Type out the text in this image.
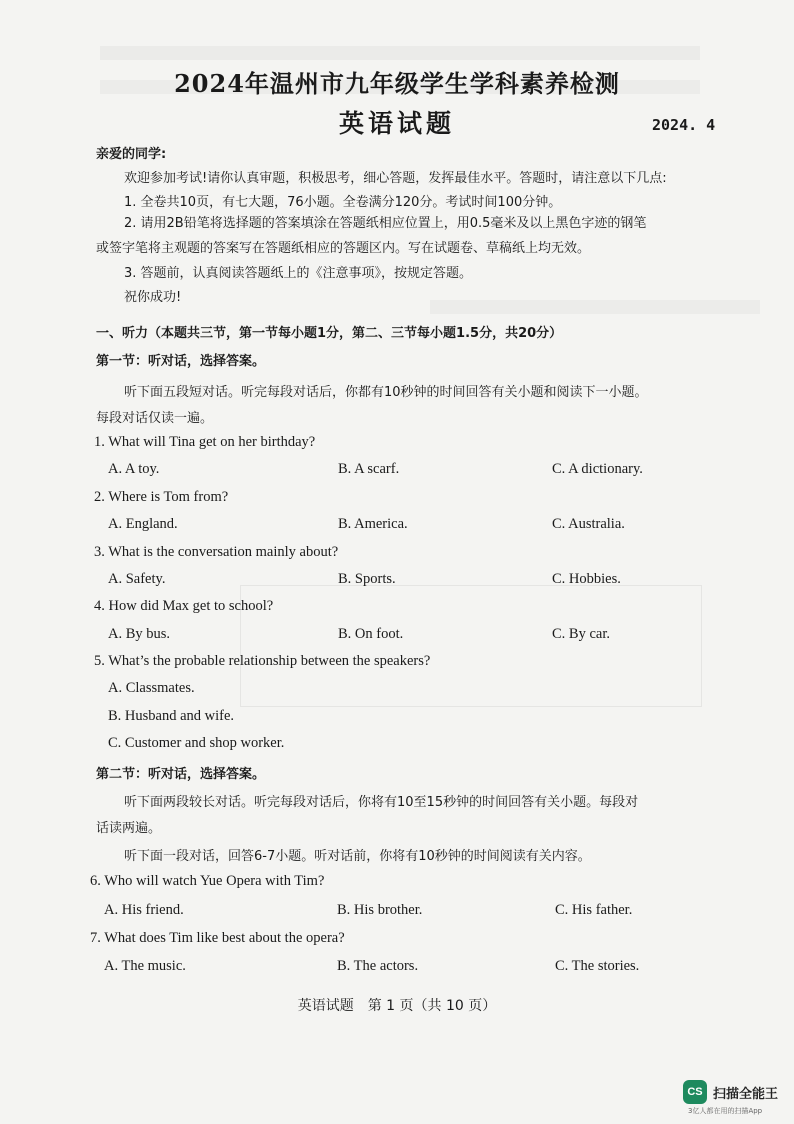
2024年温州市九年级学生学科素养检测
英语试题	2024. 4
亲爱的同学:
欢迎参加考试!请你认真审题，积极思考，细心答题，发挥最佳水平。答题时，请注意以下几点:
1. 全卷共10页，有七大题，76小题。全卷满分120分。考试时间100分钟。
2. 请用2B铅笔将选择题的答案填涂在答题纸相应位置上，用0.5毫米及以上黑色字迹的钢笔
或签字笔将主观题的答案写在答题纸相应的答题区内。写在试题卷、草稿纸上均无效。
3. 答题前，认真阅读答题纸上的《注意事项》，按规定答题。
祝你成功!
一、听力（本题共三节，第一节每小题1分，第二、三节每小题1.5分，共20分）
第一节：听对话，选择答案。
听下面五段短对话。听完每段对话后，你都有10秒钟的时间回答有关小题和阅读下一小题。
每段对话仅读一遍。
1. What will Tina get on her birthday?
A. A toy.	B. A scarf.	C. A dictionary.
2. Where is Tom from?
A. England.	B. America.	C. Australia.
3. What is the conversation mainly about?
A. Safety.	B. Sports.	C. Hobbies.
4. How did Max get to school?
A. By bus.	B. On foot.	C. By car.
5. What’s the probable relationship between the speakers?
A. Classmates.
B. Husband and wife.
C. Customer and shop worker.
第二节：听对话，选择答案。
听下面两段较长对话。听完每段对话后，你将有10至15秒钟的时间回答有关小题。每段对
话读两遍。
听下面一段对话，回答6-7小题。听对话前，你将有10秒钟的时间阅读有关内容。
6. Who will watch Yue Opera with Tim?
A. His friend.	B. His brother.	C. His father.
7. What does Tim like best about the opera?
A. The music.	B. The actors.	C. The stories.
英语试题　第 1 页（共 10 页）
CS 扫描全能王
3亿人都在用的扫描App
